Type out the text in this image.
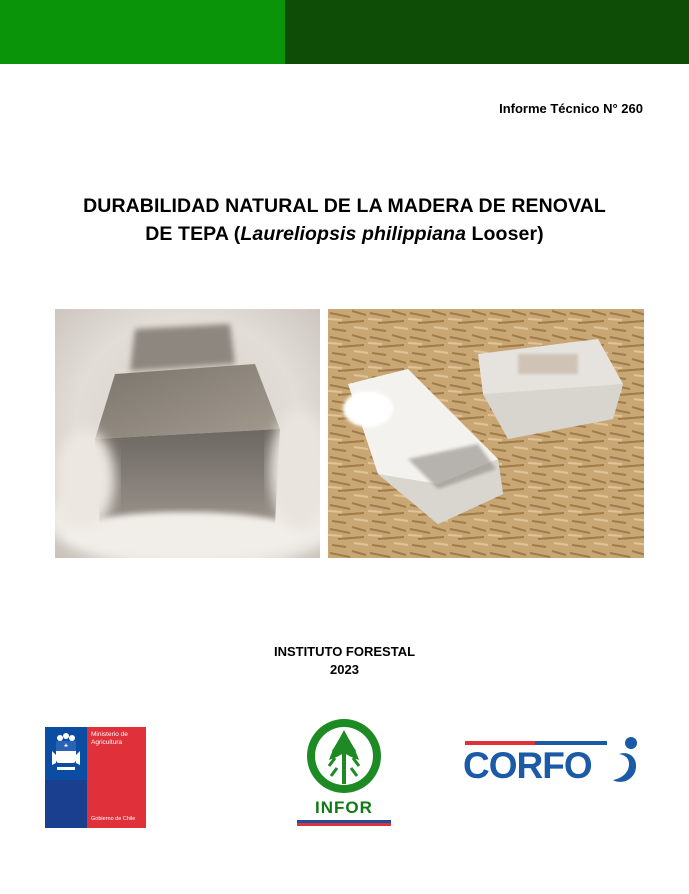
Informe Técnico N° 260
DURABILIDAD NATURAL DE LA MADERA DE RENOVAL
DE TEPA (Laureliopsis philippiana Looser)
INSTITUTO FORESTAL
2023
Ministerio de
Agricultura
Gobierno de Chile
INFOR
CORFO
